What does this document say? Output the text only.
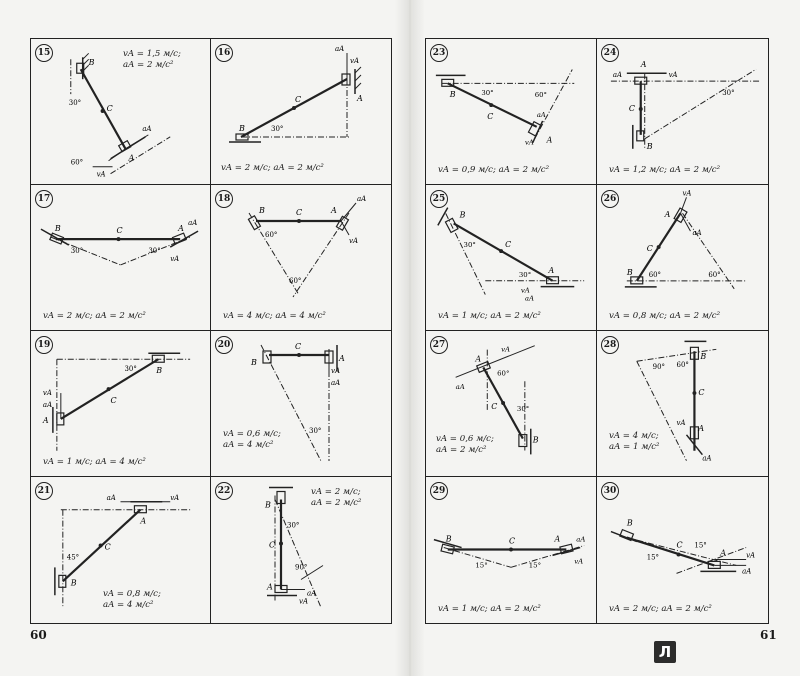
B
C
A
30°
60°
aA
vA
15	vA = 1,5 м/с;
aA = 2 м/с²
B
C	A
30°
aA
vA
16
vA = 2 м/с; aA = 2 м/с²
B	C	A
30°	30°
aA
vA
17
vA = 2 м/с; aA = 2 м/с²
B	C	A
60°
60°
aA
vA
18
vA = 4 м/с; aA = 4 м/с²
B
C
A
30°
aA
vA
19
vA = 1 м/с; aA = 4 м/с²
B
C
A
30°
vA
aA
20
vA = 0,6 м/с;
aA = 4 м/с²
B
C
A
45°
aA	vA
21
vA = 0,8 м/с;
aA = 4 м/с²
B
C
A
30°
90°
vA
aA
22	vA = 2 м/с;
aA = 2 м/с²
B
C
A
30°	60°
aA
vA
23
vA = 0,9 м/с; aA = 2 м/с²
A
C
B
30°
aA	vA
24
vA = 1,2 м/с; aA = 2 м/с²
B
C
A
30°
30°
vA
aA
25
vA = 1 м/с; aA = 2 м/с²
B
C
A
60°	60°
vA
aA
26
vA = 0,8 м/с; aA = 2 м/с²
A
C
B
60°
30°
vA
aA
27
vA = 0,6 м/с;
aA = 2 м/с²
B
C
A
90° 60°
vA
aA
28
vA = 4 м/с;
aA = 1 м/с²
B	C	A
15°	15°
aA
vA
29
vA = 1 м/с; aA = 2 м/с²
B
C
A
15°
15°
vA
aA
30
vA = 2 м/с; aA = 2 м/с²
60	61
Л
